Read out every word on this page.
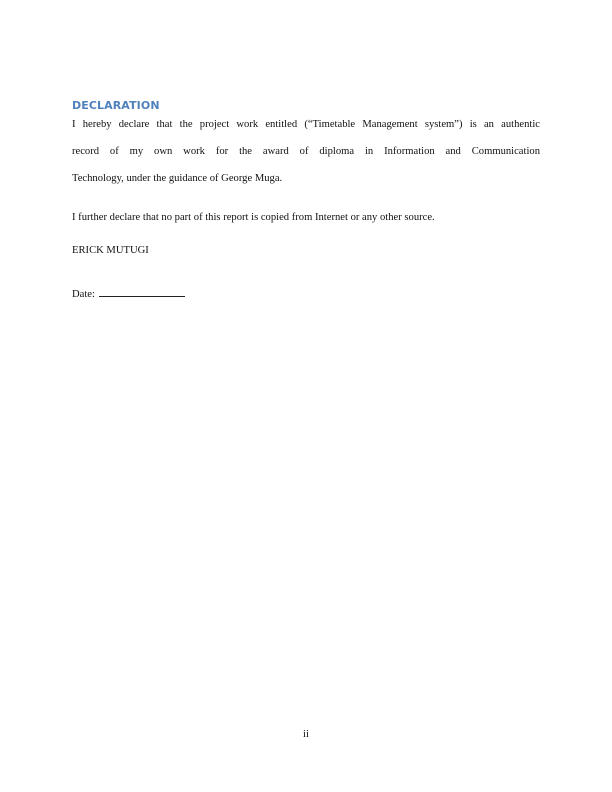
DECLARATION
I hereby declare that the project work entitled (“Timetable Management system”) is an authentic
record of my own work for the award of diploma in Information and Communication
Technology, under the guidance of George Muga.
I further declare that no part of this report is copied from Internet or any other source.
ERICK MUTUGI
Date:
ii
